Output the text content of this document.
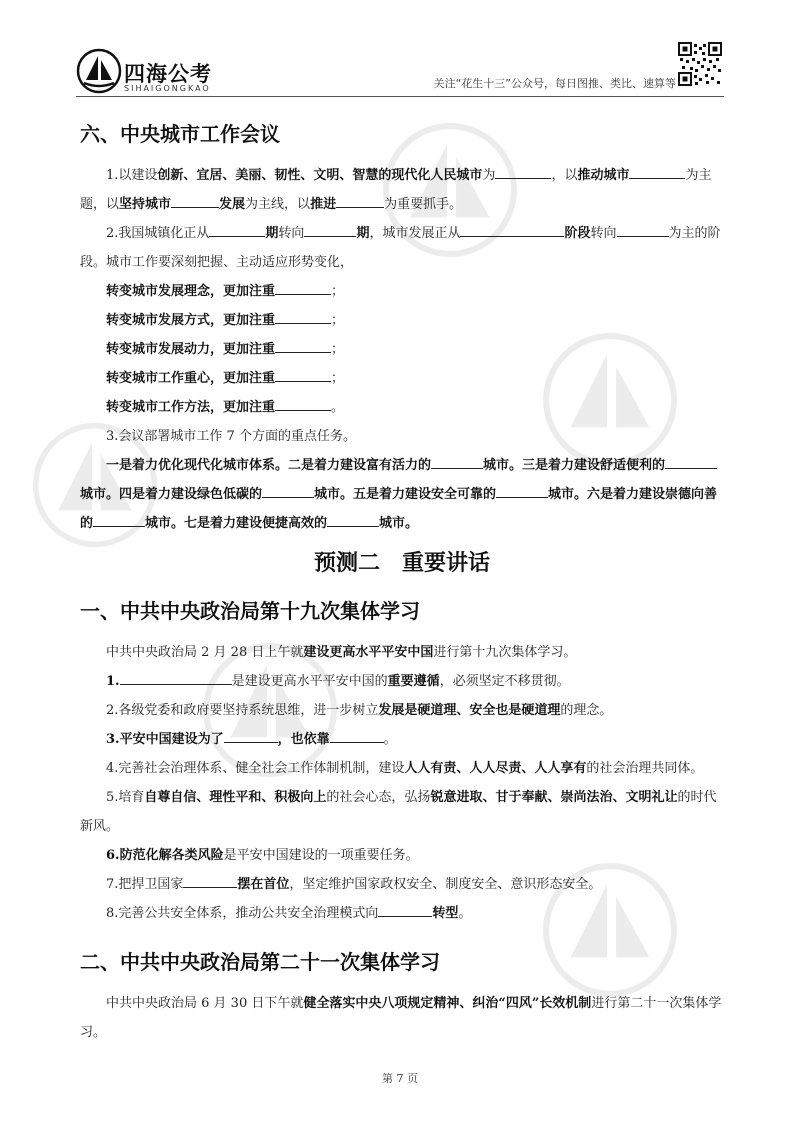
四海公考
SIHAIGONGKAO	关注“花生十三”公众号，每日图推、类比、速算等
六、中央城市工作会议

1.以建设创新、宜居、美丽、韧性、文明、智慧的现代化人民城市为	，以推动城市	为主题，以坚持城市	发展为主线，以推进	为重要抓手。

2.我国城镇化正从	期转向	期，城市发展正从	阶段转向	为主的阶段。城市工作要深刻把握、主动适应形势变化，

转变城市发展理念，更加注重	；

转变城市发展方式，更加注重	；

转变城市发展动力，更加注重	；

转变城市工作重心，更加注重	；

转变城市工作方法，更加注重	。

3.会议部署城市工作 7 个方面的重点任务。

一是着力优化现代化城市体系。二是着力建设富有活力的	城市。三是着力建设舒适便利的城市。四是着力建设绿色低碳的	城市。五是着力建设安全可靠的	城市。六是着力建设崇德向善的	城市。七是着力建设便捷高效的	城市。

预测二　重要讲话
一、中共中央政治局第十九次集体学习

中共中央政治局 2 月 28 日上午就建设更高水平平安中国进行第十九次集体学习。

1.	是建设更高水平平安中国的重要遵循，必须坚定不移贯彻。

2.各级党委和政府要坚持系统思维，进一步树立发展是硬道理、安全也是硬道理的理念。

3.平安中国建设为了	，也依靠	。

4.完善社会治理体系、健全社会工作体制机制，建设人人有责、人人尽责、人人享有的社会治理共同体。

5.培育自尊自信、理性平和、积极向上的社会心态，弘扬锐意进取、甘于奉献、崇尚法治、文明礼让的时代新风。

6.防范化解各类风险是平安中国建设的一项重要任务。

7.把捍卫国家	摆在首位，坚定维护国家政权安全、制度安全、意识形态安全。

8.完善公共安全体系，推动公共安全治理模式向	转型。

二、中共中央政治局第二十一次集体学习

中共中央政治局 6 月 30 日下午就健全落实中央八项规定精神、纠治“四风”长效机制进行第二十一次集体学习。

第 7 页
